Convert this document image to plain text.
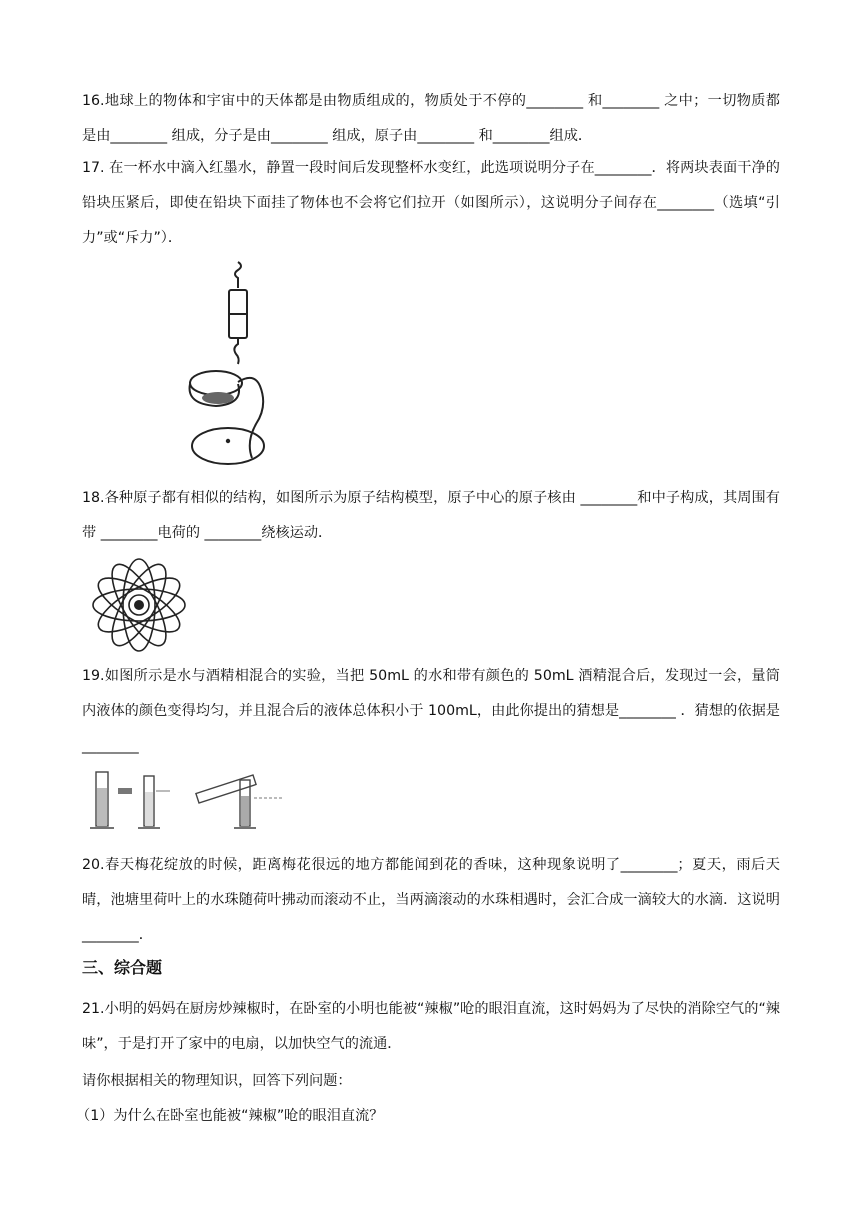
16.地球上的物体和宇宙中的天体都是由物质组成的，物质处于不停的________ 和________ 之中；一切物质都是由________ 组成，分子是由________ 组成，原子由________ 和________组成．
17. 在一杯水中滴入红墨水，静置一段时间后发现整杯水变红，此选项说明分子在________．将两块表面干净的铅块压紧后，即使在铅块下面挂了物体也不会将它们拉开（如图所示），这说明分子间存在________（选填“引力”或“斥力”）．
18.各种原子都有相似的结构，如图所示为原子结构模型，原子中心的原子核由 ________和中子构成，其周围有带 ________电荷的 ________绕核运动．
19.如图所示是水与酒精相混合的实验，当把 50mL 的水和带有颜色的 50mL 酒精混合后，发现过一会，量筒内液体的颜色变得均匀，并且混合后的液体总体积小于 100mL，由此你提出的猜想是________ ．猜想的依据是________
20.春天梅花绽放的时候，距离梅花很远的地方都能闻到花的香味，这种现象说明了________；夏天，雨后天晴，池塘里荷叶上的水珠随荷叶拂动而滚动不止，当两滴滚动的水珠相遇时，会汇合成一滴较大的水滴．这说明________．
三、综合题
21.小明的妈妈在厨房炒辣椒时，在卧室的小明也能被“辣椒”呛的眼泪直流，这时妈妈为了尽快的消除空气的“辣味”，于是打开了家中的电扇，以加快空气的流通．
请你根据相关的物理知识，回答下列问题：
（1）为什么在卧室也能被“辣椒”呛的眼泪直流？
